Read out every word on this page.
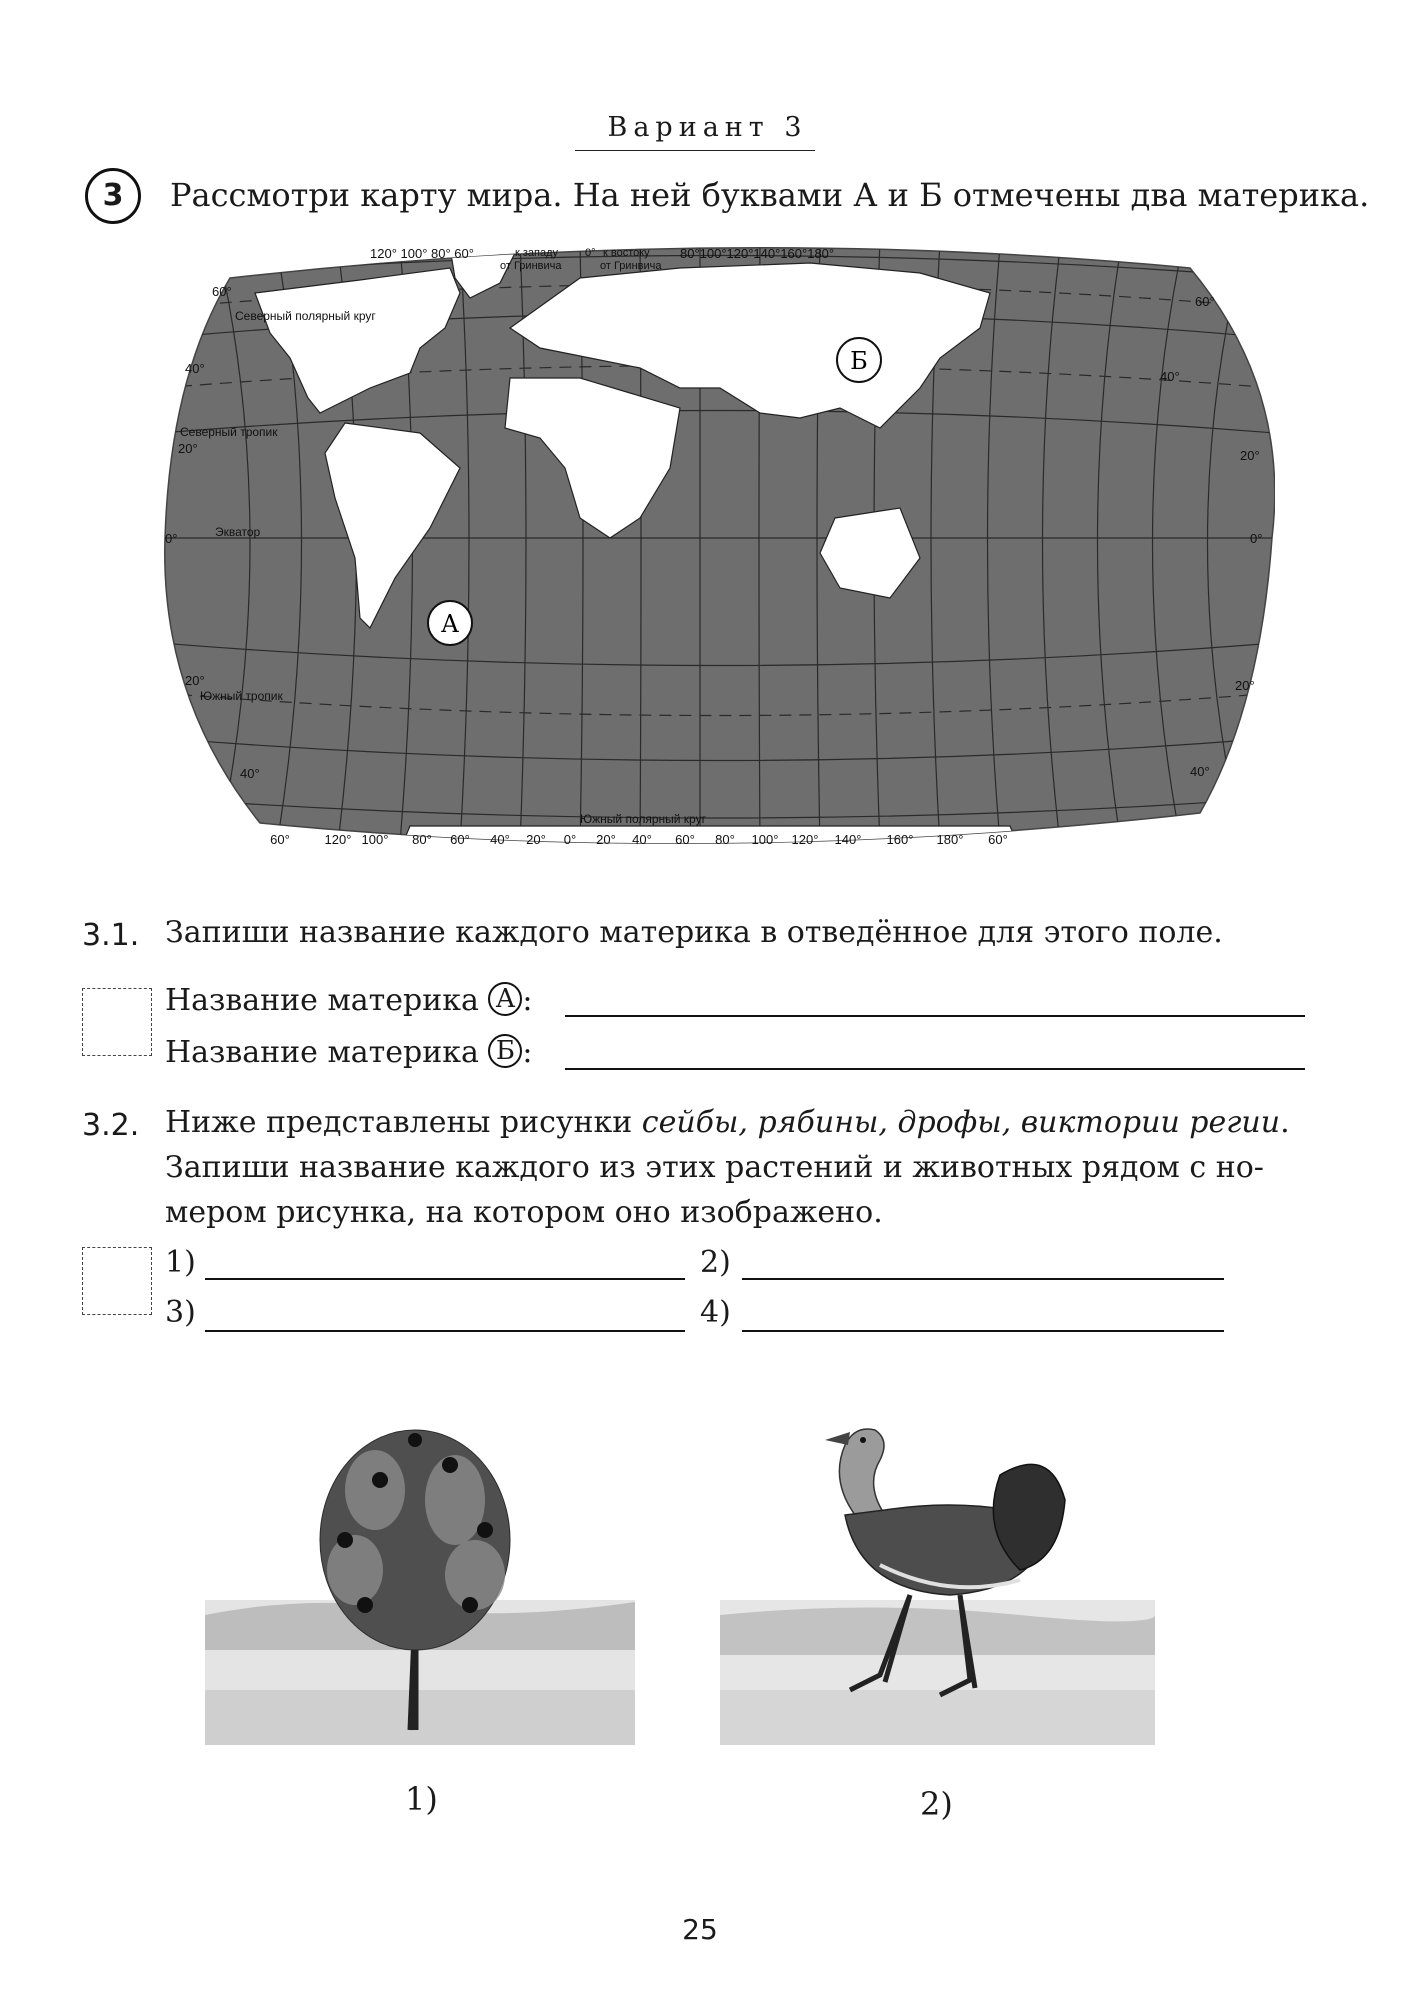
Вариант 3
3	Рассмотри карту мира. На ней буквами А и Б отмечены два материка.
120° 100° 80° 60°	к западу
от Гринвича
0° к востоку
от Гринвича
80°100°120°140°160°180°
60°
60°
Северный полярный круг
40°
40°
Северный тропик
20°	20°
0°	Экватор	0°
20°	20°
Южный тропик
40°	40°
Южный полярный круг
60°	120° 100° 80° 60° 40° 20° 0° 20° 40° 60° 80° 100° 120° 140° 160° 180° 60°
А
Б
3.1. Запиши название каждого материка в отведённое для этого поле.
Название материка А :
Название материка Б :
3.2. Ниже представлены рисунки сейбы, рябины, дрофы, виктории регии.
Запиши название каждого из этих растений и животных рядом с но-
мером рисунка, на котором оно изображено.
1)	2)
3)	4)
1)	2)
25
